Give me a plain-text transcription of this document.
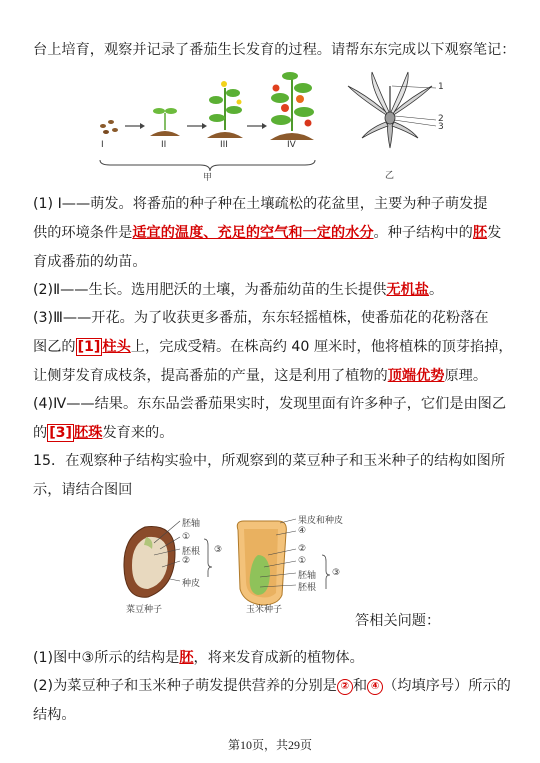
台上培育，观察并记录了番茄生长发育的过程。请帮东东完成以下观察笔记：
I	II	III	IV
甲	乙
1
2
3
(1) Ⅰ——萌发。将番茄的种子种在土壤疏松的花盆里，主要为种子萌发提
供的环境条件是适宜的温度、充足的空气和一定的水分。种子结构中的胚发
育成番茄的幼苗。
(2)Ⅱ——生长。选用肥沃的土壤，为番茄幼苗的生长提供无机盐。
(3)Ⅲ——开花。为了收获更多番茄，东东轻摇植株，使番茄花的花粉落在
图乙的 [1] 柱头上，完成受精。在株高约 40 厘米时，他将植株的顶芽掐掉，
让侧芽发育成枝条，提高番茄的产量，这是利用了植物的顶端优势原理。
(4)Ⅳ——结果。东东品尝番茄果实时，发现里面有许多种子，它们是由图乙
的 [3] 胚珠发育来的。
15．在观察种子结构实验中，所观察到的菜豆种子和玉米种子的结构如图所
示，请结合图回
胚轴
①
胚根
②
种皮
③
菜豆种子
果皮和种皮
④
②
①
胚轴
胚根
③
玉米种子
答相关问题：
(1)图中③所示的结构是胚，将来发育成新的植物体。
(2)为菜豆种子和玉米种子萌发提供营养的分别是 ② 和 ④ （均填序号）所示的
结构。
第10页，共29页
